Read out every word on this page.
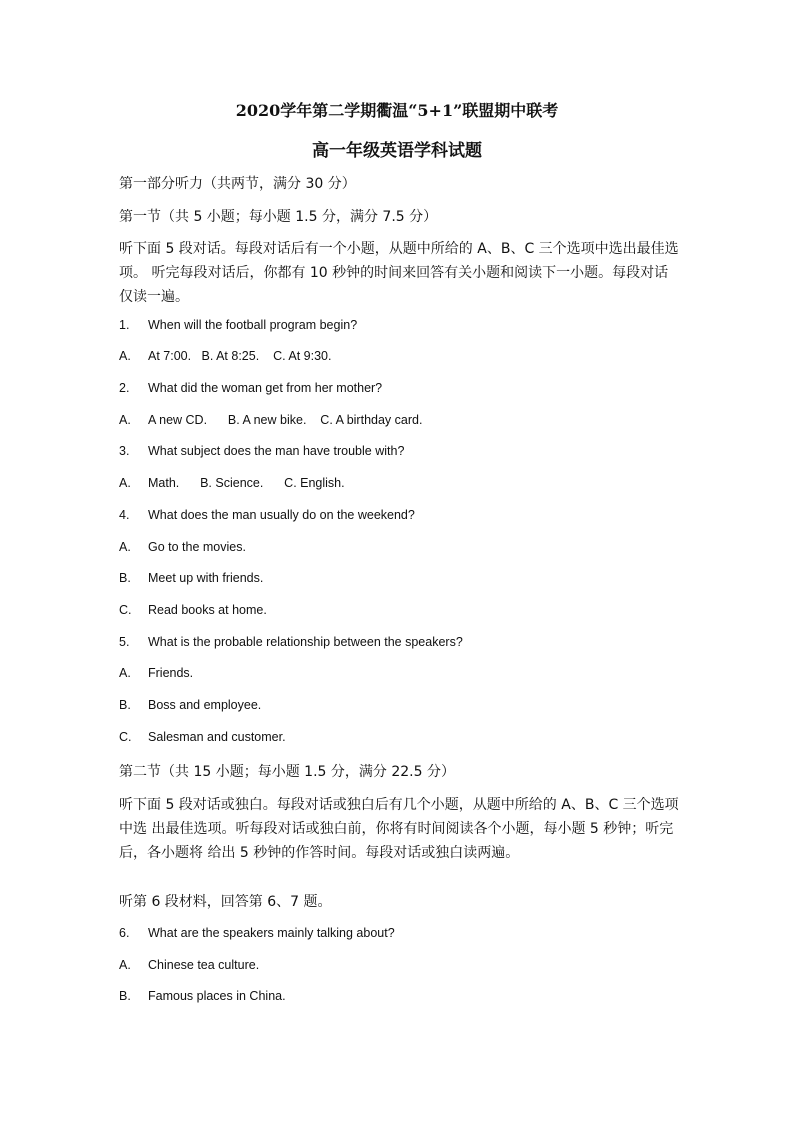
2020学年第二学期衢温“5+1”联盟期中联考
高一年级英语学科试题
第一部分听力（共两节，满分 30 分）
第一节（共 5 小题；每小题 1.5 分，满分 7.5 分）
听下面 5 段对话。每段对话后有一个小题，从题中所给的 A、B、C 三个选项中选出最佳选项。 听完每段对话后，你都有 10 秒钟的时间来回答有关小题和阅读下一小题。每段对话仅读一遍。
1. When will the football program begin?
A. At 7:00.   B. At 8:25.    C. At 9:30.
2. What did the woman get from her mother?
A. A new CD.      B. A new bike.    C. A birthday card.
3. What subject does the man have trouble with?
A. Math.      B. Science.      C. English.
4. What does the man usually do on the weekend?
A. Go to the movies.
B. Meet up with friends.
C. Read books at home.
5. What is the probable relationship between the speakers?
A. Friends.
B. Boss and employee.
C. Salesman and customer.
第二节（共 15 小题；每小题 1.5 分，满分 22.5 分）
听下面 5 段对话或独白。每段对话或独白后有几个小题，从题中所给的 A、B、C 三个选项中选 出最佳选项。听每段对话或独白前，你将有时间阅读各个小题，每小题 5 秒钟；听完后，各小题将 给出 5 秒钟的作答时间。每段对话或独白读两遍。
听第 6 段材料，回答第 6、7 题。
6. What are the speakers mainly talking about?
A. Chinese tea culture.
B. Famous places in China.
